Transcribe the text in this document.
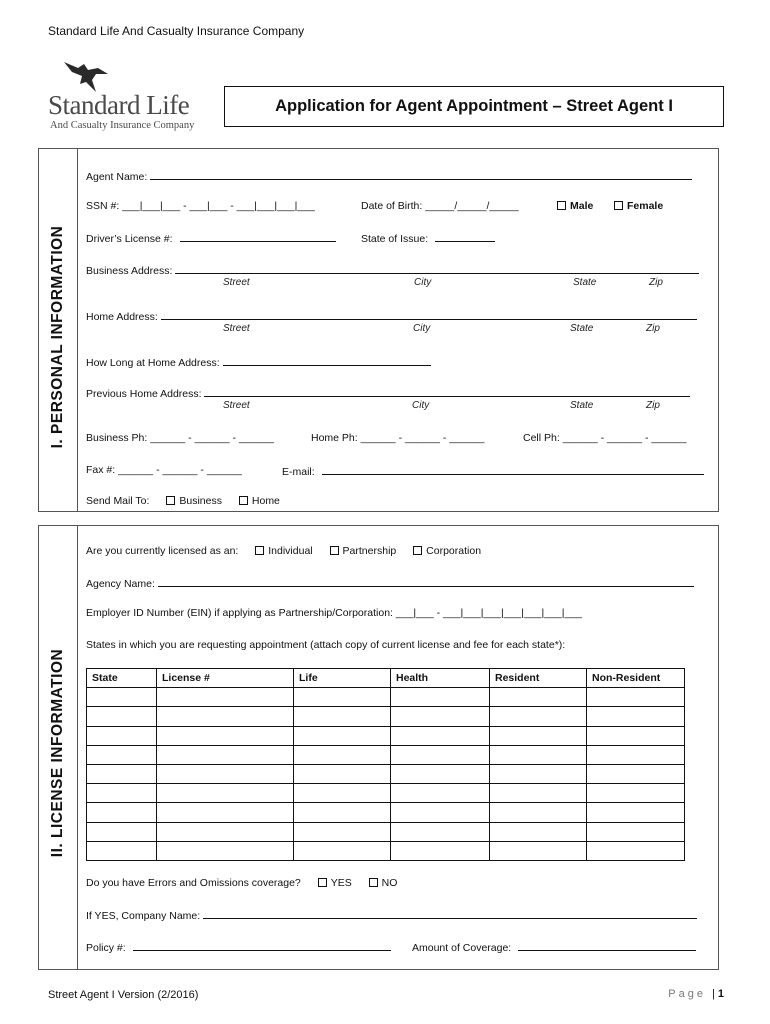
Standard Life And Casualty Insurance Company
Standard Life
And Casualty Insurance Company
Application for Agent Appointment – Street Agent I
I. PERSONAL INFORMATION
Agent Name:
SSN #: ___|___|___ - ___|___ - ___|___|___|___	Date of Birth: _____/_____/_____	Male	Female
Driver’s License #:	State of Issue:
Business Address:
Street	City	State	Zip
Home Address:
Street	City	State	Zip
How Long at Home Address:
Previous Home Address:
Street	City	State	Zip
Business Ph: ______ - ______ - ______	Home Ph: ______ - ______ - ______	Cell Ph: ______ - ______ - ______
Fax #: ______ - ______ - ______	E-mail:
Send Mail To:	Business	Home
II. LICENSE INFORMATION
Are you currently licensed as an:	Individual	Partnership	Corporation
Agency Name:
Employer ID Number (EIN) if applying as Partnership/Corporation: ___|___ - ___|___|___|___|___|___|___
States in which you are requesting appointment (attach copy of current license and fee for each state*):
State	License #	Life	Health	Resident	Non-Resident

Do you have Errors and Omissions coverage?	YES	NO
If YES, Company Name:
Policy #:	Amount of Coverage:
Street Agent I Version (2/2016)	Page | 1
